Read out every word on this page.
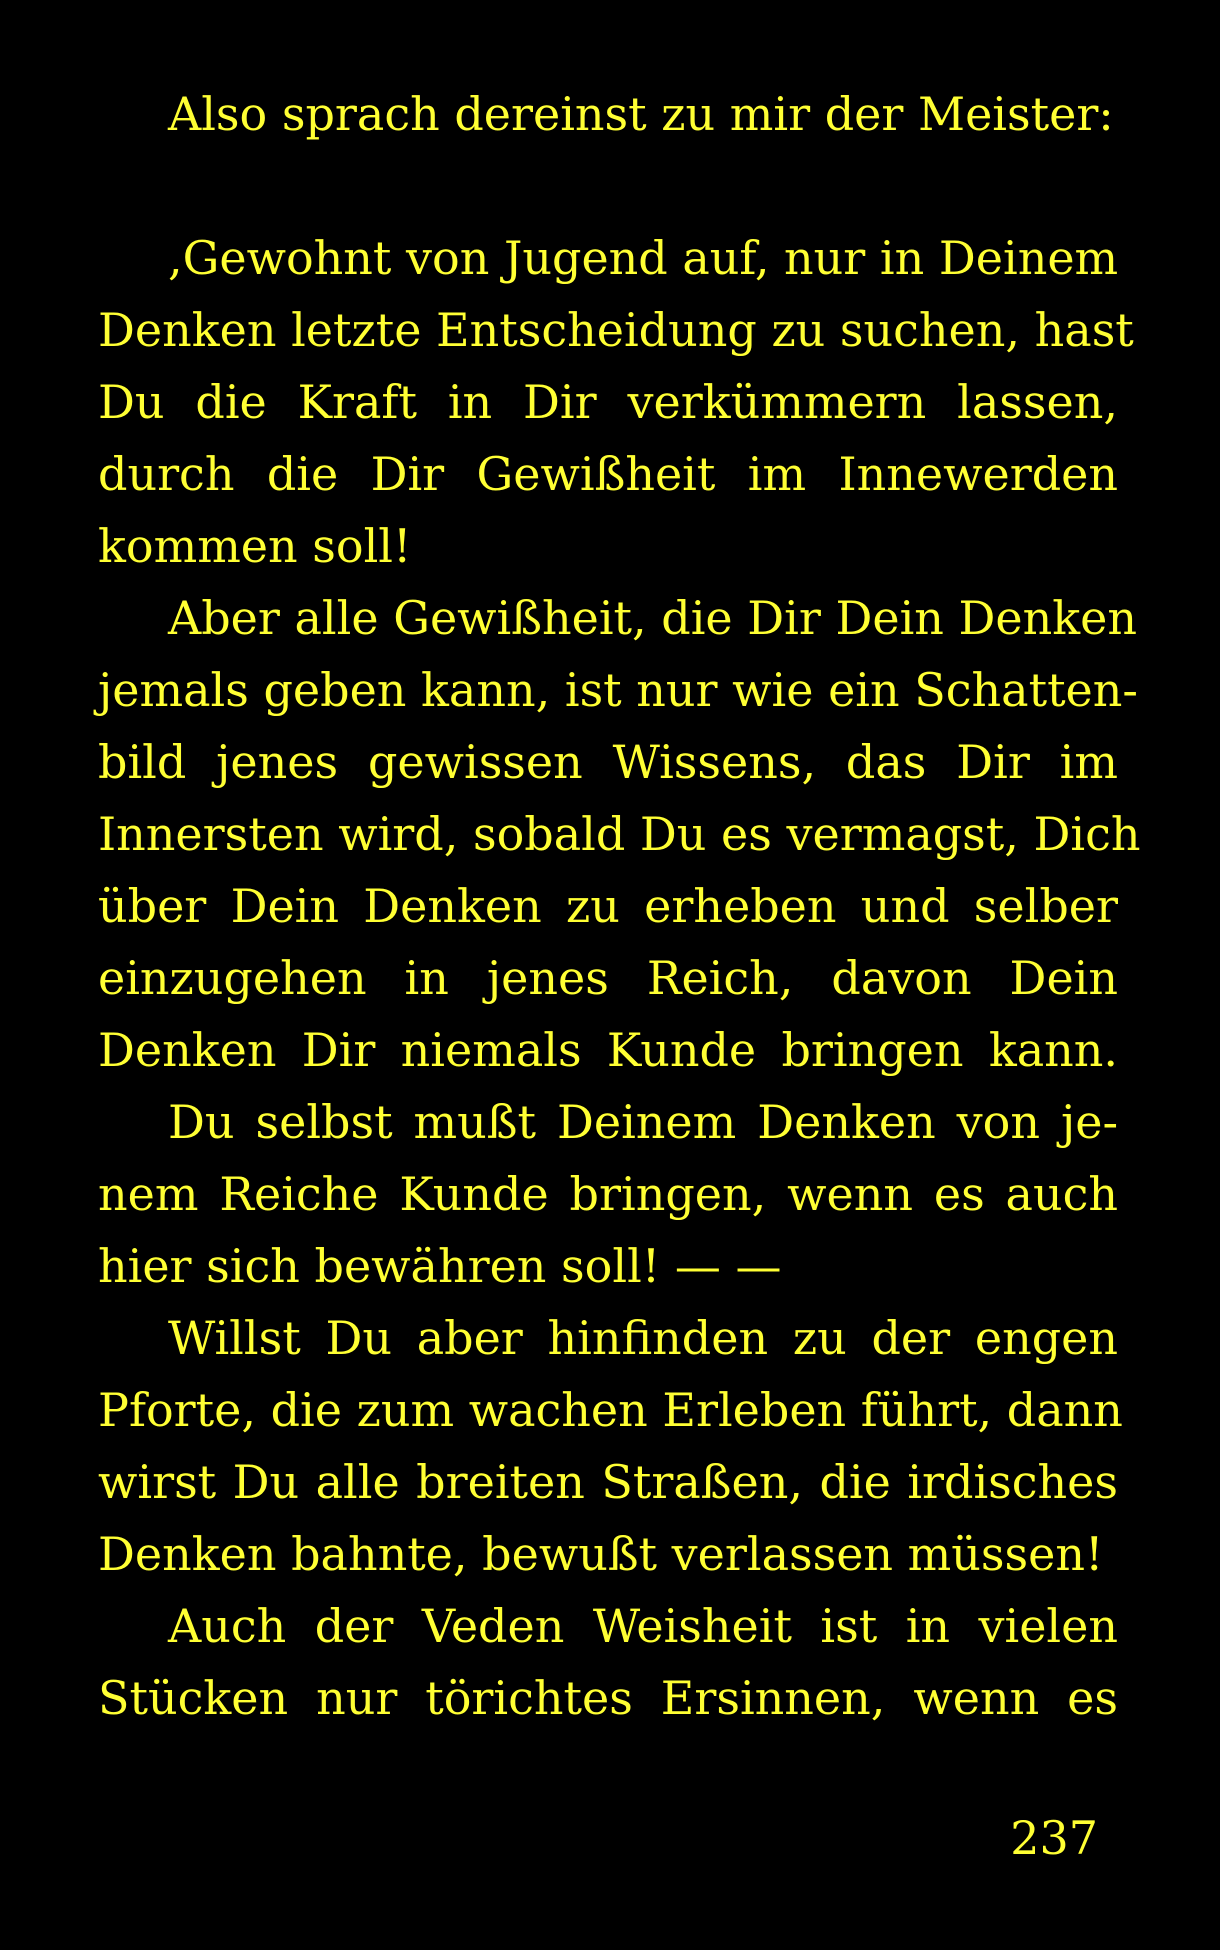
Also sprach dereinst zu mir der Meister:
,Gewohnt von Jugend auf, nur in Deinem
Denken letzte Entscheidung zu suchen, hast
Du die Kraft in Dir verkümmern lassen,
durch die Dir Gewißheit im Innewerden
kommen soll!
Aber alle Gewißheit, die Dir Dein Denken
jemals geben kann, ist nur wie ein Schatten-
bild jenes gewissen Wissens, das Dir im
Innersten wird, sobald Du es vermagst, Dich
über Dein Denken zu erheben und selber
einzugehen in jenes Reich, davon Dein
Denken Dir niemals Kunde bringen kann.
Du selbst mußt Deinem Denken von je-
nem Reiche Kunde bringen, wenn es auch
hier sich bewähren soll! — —
Willst Du aber hinfinden zu der engen
Pforte, die zum wachen Erleben führt, dann
wirst Du alle breiten Straßen, die irdisches
Denken bahnte, bewußt verlassen müssen!
Auch der Veden Weisheit ist in vielen
Stücken nur törichtes Ersinnen, wenn es
237
